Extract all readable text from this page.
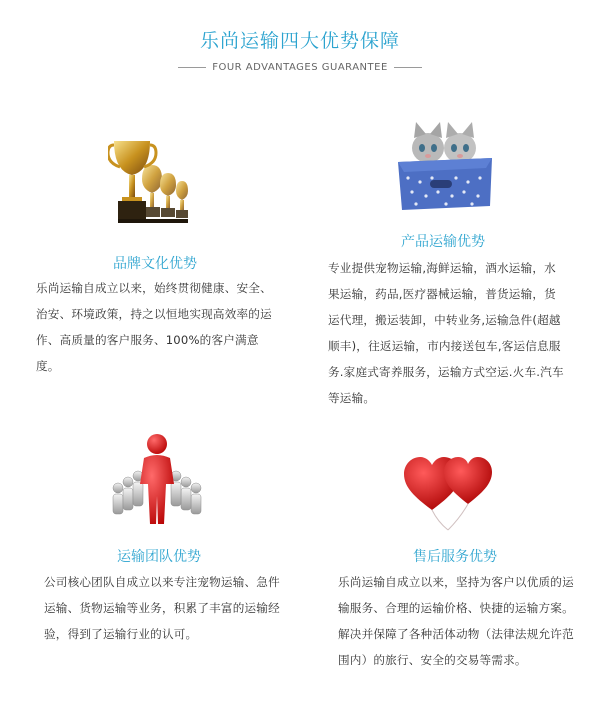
乐尚运输四大优势保障
FOUR ADVANTAGES GUARANTEE
品牌文化优势
乐尚运输自成立以来，始终贯彻健康、安全、治安、环境政策，持之以恒地实现高效率的运作、高质量的客户服务、100%的客户满意度。
产品运输优势
专业提供宠物运输,海鲜运输，酒水运输，水果运输，药品,医疗器械运输，普货运输，货运代理，搬运装卸，中转业务,运输急件(超越顺丰)，往返运输，市内接送包车,客运信息服务.家庭式寄养服务，运输方式空运.火车.汽车等运输。
运输团队优势
公司核心团队自成立以来专注宠物运输、急件运输、货物运输等业务，积累了丰富的运输经验，得到了运输行业的认可。
售后服务优势
乐尚运输自成立以来，坚持为客户以优质的运输服务、合理的运输价格、快捷的运输方案。解决并保障了各种活体动物（法律法规允许范围内）的旅行、安全的交易等需求。
